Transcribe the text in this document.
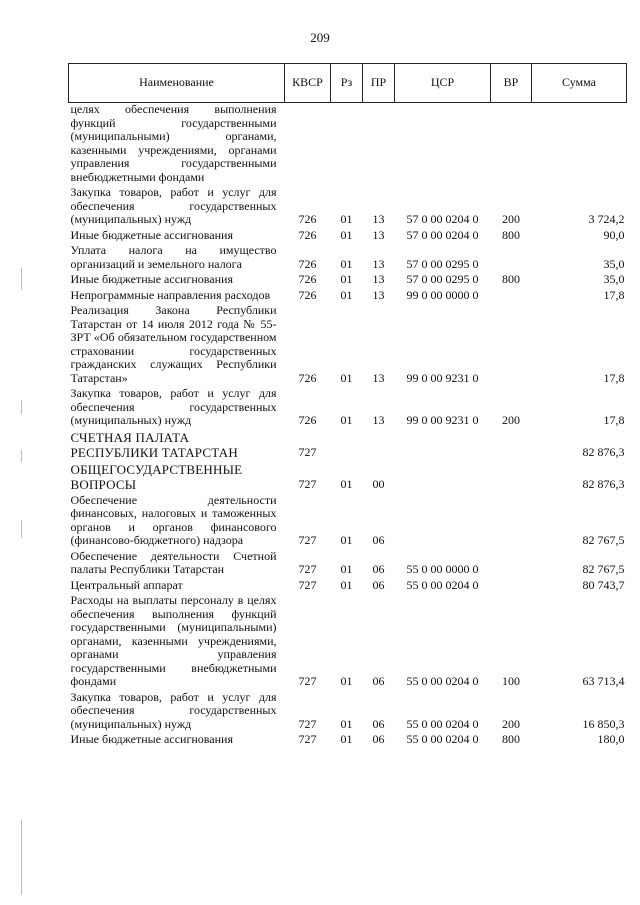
209
Наименование	КВСР	Рз	ПР	ЦСР	ВР	Сумма
целях обеспечения выполнения функций государственными (муниципальными) органами, казенными учреждениями, органами управления государственными внебюджетными фондами						
Закупка товаров, работ и услуг для обеспечения государственных (муниципальных) нужд	726	01	13	57 0 00 0204 0	200	3 724,2
Иные бюджетные ассигнования	726	01	13	57 0 00 0204 0	800	90,0
Уплата налога на имущество организаций и земельного налога	726	01	13	57 0 00 0295 0		35,0
Иные бюджетные ассигнования	726	01	13	57 0 00 0295 0	800	35,0
Непрограммные направления расходов	726	01	13	99 0 00 0000 0		17,8
Реализация Закона Республики Татарстан от 14 июля 2012 года № 55-ЗРТ «Об обязательном государственном страховании государственных гражданских служащих Республики Татарстан»	726	01	13	99 0 00 9231 0		17,8
Закупка товаров, работ и услуг для обеспечения государственных (муниципальных) нужд	726	01	13	99 0 00 9231 0	200	17,8
СЧЕТНАЯ ПАЛАТА РЕСПУБЛИКИ ТАТАРСТАН	727					82 876,3
ОБЩЕГОСУДАРСТВЕННЫЕ ВОПРОСЫ	727	01	00			82 876,3
Обеспечение деятельности финансовых, налоговых и таможенных органов и органов финансового (финансово-бюджетного) надзора	727	01	06			82 767,5
Обеспечение деятельности Счетной палаты Республики Татарстан	727	01	06	55 0 00 0000 0		82 767,5
Центральный аппарат	727	01	06	55 0 00 0204 0		80 743,7
Расходы на выплаты персоналу в целях обеспечения выполнения функций государственными (муниципальными) органами, казенными учреждениями, органами управления государственными внебюджетными фондами	727	01	06	55 0 00 0204 0	100	63 713,4
Закупка товаров, работ и услуг для обеспечения государственных (муниципальных) нужд	727	01	06	55 0 00 0204 0	200	16 850,3
Иные бюджетные ассигнования	727	01	06	55 0 00 0204 0	800	180,0
